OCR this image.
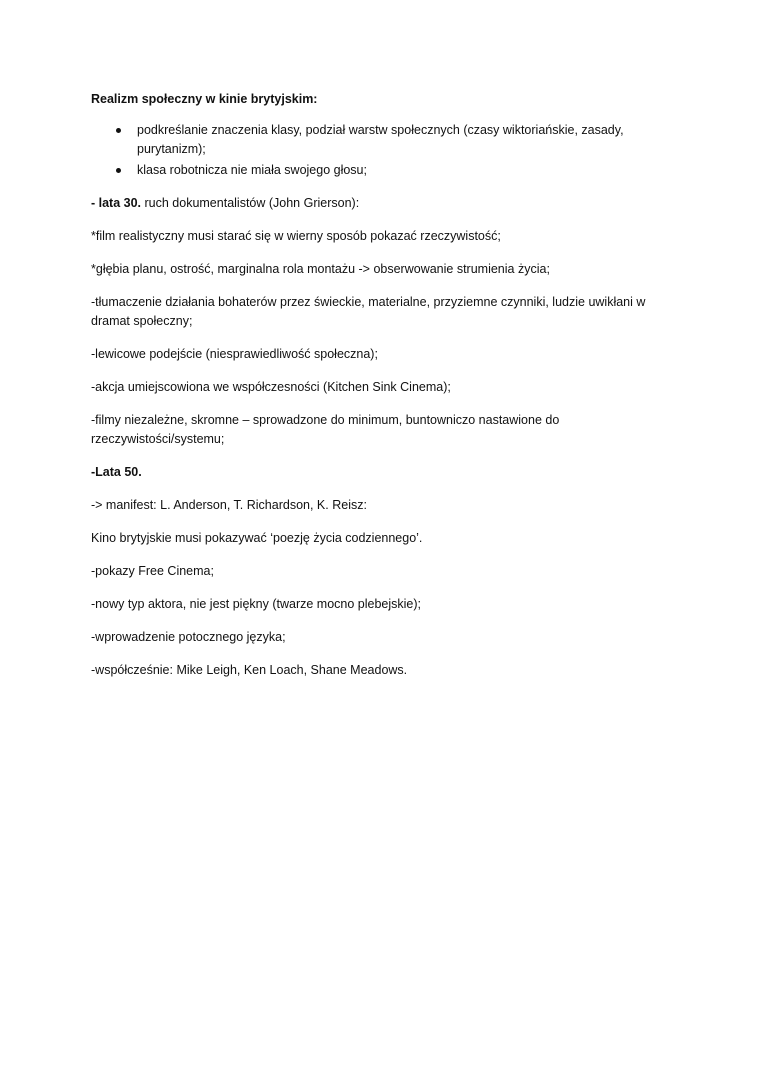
Realizm społeczny w kinie brytyjskim:

podkreślanie znaczenia klasy, podział warstw społecznych (czasy wiktoriańskie, zasady, purytanizm);
klasa robotnicza nie miała swojego głosu;

- lata 30. ruch dokumentalistów (John Grierson):

*film realistyczny musi starać się w wierny sposób pokazać rzeczywistość;

*głębia planu, ostrość, marginalna rola montażu -> obserwowanie strumienia życia;

-tłumaczenie działania bohaterów przez świeckie, materialne, przyziemne czynniki, ludzie uwikłani w dramat społeczny;

-lewicowe podejście (niesprawiedliwość społeczna);

-akcja umiejscowiona we współczesności (Kitchen Sink Cinema);

-filmy niezależne, skromne – sprowadzone do minimum, buntowniczo nastawione do rzeczywistości/systemu;

-Lata 50.

-> manifest: L. Anderson, T. Richardson, K. Reisz:

Kino brytyjskie musi pokazywać ‘poezję życia codziennego’.

-pokazy Free Cinema;

-nowy typ aktora, nie jest piękny (twarze mocno plebejskie);

-wprowadzenie potocznego języka;

-współcześnie: Mike Leigh, Ken Loach, Shane Meadows.
